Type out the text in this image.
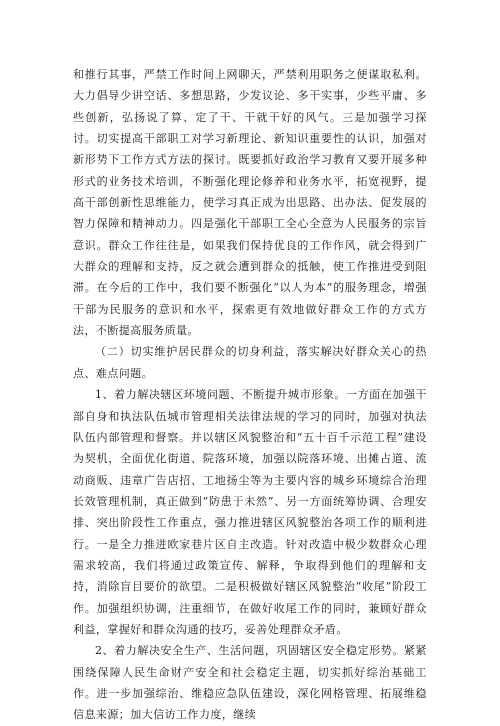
和推行其事，严禁工作时间上网聊天，严禁利用职务之便谋取私利。大力倡导少讲空话、多想思路，少发议论、多干实事，少些平庸、多些创新，弘扬说了算、定了干、干就干好的风气。三是加强学习探讨。切实提高干部职工对学习新理论、新知识重要性的认识，加强对新形势下工作方式方法的探讨。既要抓好政治学习教育又要开展多种形式的业务技术培训，不断强化理论修养和业务水平，拓宽视野，提高干部创新性思维能力，使学习真正成为出思路、出办法、促发展的智力保障和精神动力。四是强化干部职工全心全意为人民服务的宗旨意识。群众工作往往是，如果我们保持优良的工作作风，就会得到广大群众的理解和支持，反之就会遭到群众的抵触，使工作推进受到阻滞。在今后的工作中，我们要不断强化“以人为本”的服务理念，增强干部为民服务的意识和水平，探索更有效地做好群众工作的方式方法，不断提高服务质量。

（二）切实维护居民群众的切身利益，落实解决好群众关心的热点、难点问题。

1、着力解决辖区环境问题、不断提升城市形象。一方面在加强干部自身和执法队伍城市管理相关法律法规的学习的同时，加强对执法队伍内部管理和督察。并以辖区风貌整治和“五十百千示范工程”建设为契机，全面优化街道、院落环境，加强以院落环境、出摊占道、流动商贩、违章广告店招、工地扬尘等为主要内容的城乡环境综合治理长效管理机制，真正做到“防患于未然”、另一方面统筹协调、合理安排、突出阶段性工作重点，强力推进辖区风貌整治各项工作的顺利进行。一是全力推进欧家巷片区自主改造。针对改造中极少数群众心理需求较高，我们将通过政策宣传、解释，争取得到他们的理解和支持，消除盲目要价的欲望。二是积极做好辖区风貌整治“收尾”阶段工作。加强组织协调，注重细节，在做好收尾工作的同时，兼顾好群众利益，掌握好和群众沟通的技巧，妥善处理群众矛盾。

2、着力解决安全生产、生活问题，巩固辖区安全稳定形势。紧紧围绕保障人民生命财产安全和社会稳定主题，切实抓好综治基础工作。进一步加强综治、维稳应急队伍建设，深化网格管理、拓展维稳信息来源；加大信访工作力度，继续
